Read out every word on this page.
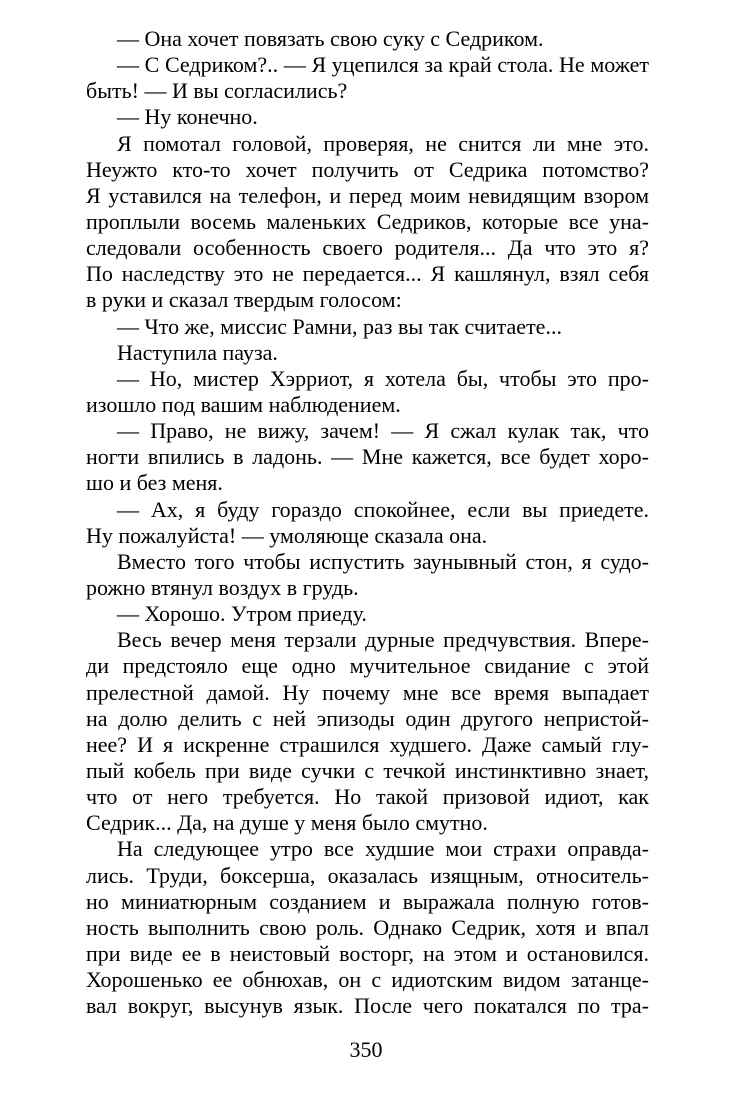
— Она хочет повязать свою суку с Седриком.
— С Седриком?.. — Я уцепился за край стола. Не может
быть! — И вы согласились?
— Ну конечно.
Я помотал головой, проверяя, не снится ли мне это.
Неужто кто-то хочет получить от Седрика потомство?
Я уставился на телефон, и перед моим невидящим взором
проплыли восемь маленьких Седриков, которые все уна-
следовали особенность своего родителя... Да что это я?
По наследству это не передается... Я кашлянул, взял себя
в руки и сказал твердым голосом:
— Что же, миссис Рамни, раз вы так считаете...
Наступила пауза.
— Но, мистер Хэрриот, я хотела бы, чтобы это про-
изошло под вашим наблюдением.
— Право, не вижу, зачем! — Я сжал кулак так, что
ногти впились в ладонь. — Мне кажется, все будет хоро-
шо и без меня.
— Ах, я буду гораздо спокойнее, если вы приедете.
Ну пожалуйста! — умоляюще сказала она.
Вместо того чтобы испустить заунывный стон, я судо-
рожно втянул воздух в грудь.
— Хорошо. Утром приеду.
Весь вечер меня терзали дурные предчувствия. Впере-
ди предстояло еще одно мучительное свидание с этой
прелестной дамой. Ну почему мне все время выпадает
на долю делить с ней эпизоды один другого непристой-
нее? И я искренне страшился худшего. Даже самый глу-
пый кобель при виде сучки с течкой инстинктивно знает,
что от него требуется. Но такой призовой идиот, как
Седрик... Да, на душе у меня было смутно.
На следующее утро все худшие мои страхи оправда-
лись. Труди, боксерша, оказалась изящным, относитель-
но миниатюрным созданием и выражала полную готов-
ность выполнить свою роль. Однако Седрик, хотя и впал
при виде ее в неистовый восторг, на этом и остановился.
Хорошенько ее обнюхав, он с идиотским видом затанце-
вал вокруг, высунув язык. После чего покатался по тра-
350
